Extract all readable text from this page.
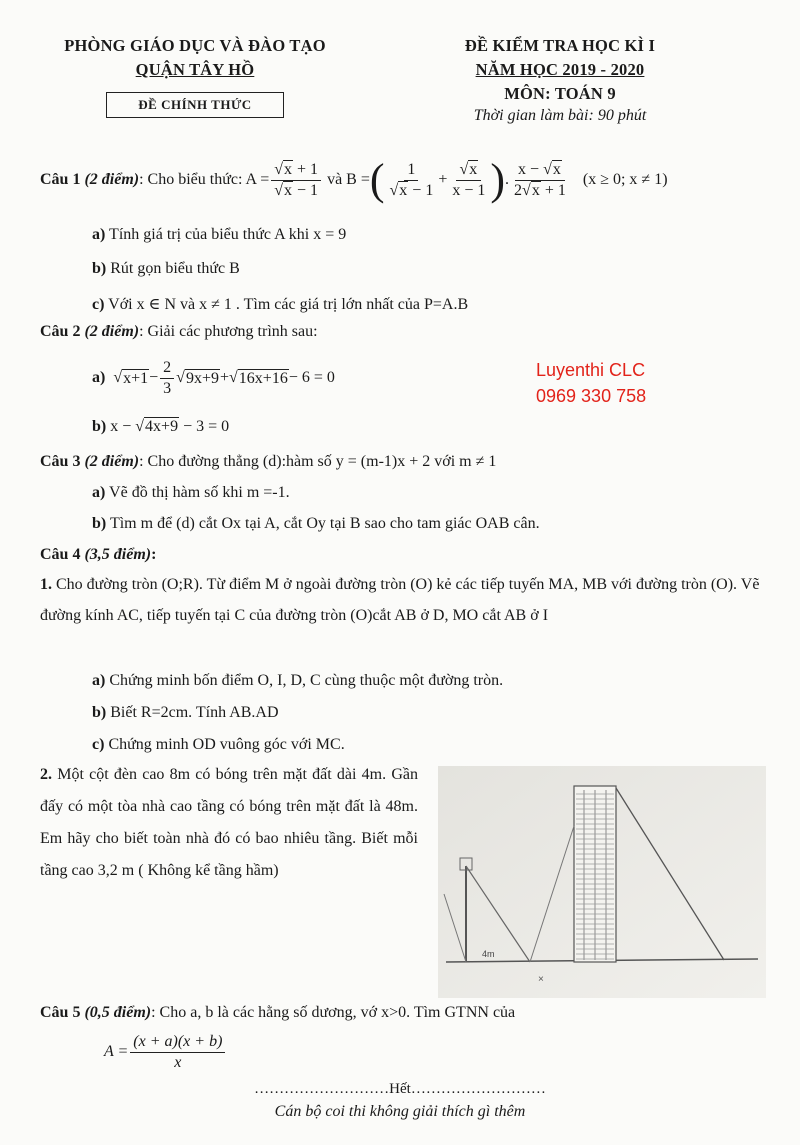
PHÒNG GIÁO DỤC VÀ ĐÀO TẠO
QUẬN TÂY HỒ
ĐỀ CHÍNH THỨC
ĐỀ KIỂM TRA HỌC KÌ I
NĂM HỌC 2019 - 2020
MÔN: TOÁN 9
Thời gian làm bài: 90 phút
Câu 1
(2 điểm) : Cho biểu thức: $A = \frac{√x + 1}{√x - 1}$
và B = ( $\frac{1}{√x - 1} + \frac{√x}{x - 1}$ ) . $\frac{x - √x}{2√x + 1}$
(x ≥ 0; x ≠ 1)
a) Tính giá trị của biểu thức A khi x = 9
b) Rút gọn biểu thức B
c) Với x ∈ N và x ≠ 1 . Tìm các giá trị lớn nhất của P=A.B
Câu 2 (2 điểm): Giải các phương trình sau:
a) √ $x+1 - \frac{2}{3}$ √ 9x+9 + √ 16x+16 − 6 = 0
b) x − √4x+9 − 3 = 0
Luyenthi CLC
0969 330 758
Câu 3 (2 điểm): Cho đường thẳng (d):hàm số y = (m-1)x + 2 với m ≠ 1
a) Vẽ đồ thị hàm số khi m =-1.
b) Tìm m để (d) cắt Ox tại A, cắt Oy tại B sao cho tam giác OAB cân.
Câu 4 (3,5 điểm):
1. Cho đường tròn (O;R). Từ điểm M ở ngoài đường tròn (O) kẻ các tiếp tuyến MA, MB với đường tròn (O). Vẽ đường kính AC, tiếp tuyến tại C của đường tròn (O)cắt AB ở D, MO cắt AB ở I
a) Chứng minh bốn điểm O, I, D, C cùng thuộc một đường tròn.
b) Biết R=2cm. Tính AB.AD
c) Chứng minh OD vuông góc với MC.
2. Một cột đèn cao 8m có bóng trên mặt đất dài 4m. Gần đấy có một tòa nhà cao tầng có bóng trên mặt đất là 48m. Em hãy cho biết toàn nhà đó có bao nhiêu tầng. Biết mỗi tầng cao 3,2 m ( Không kể tầng hầm)
4m
×
Câu 5 (0,5 điểm): Cho a, b là các hằng số dương, vớ x>0. Tìm GTNN của
$A = \frac{(x + a)(x + b)}{x}$
………………………Hết………………………
Cán bộ coi thi không giải thích gì thêm
